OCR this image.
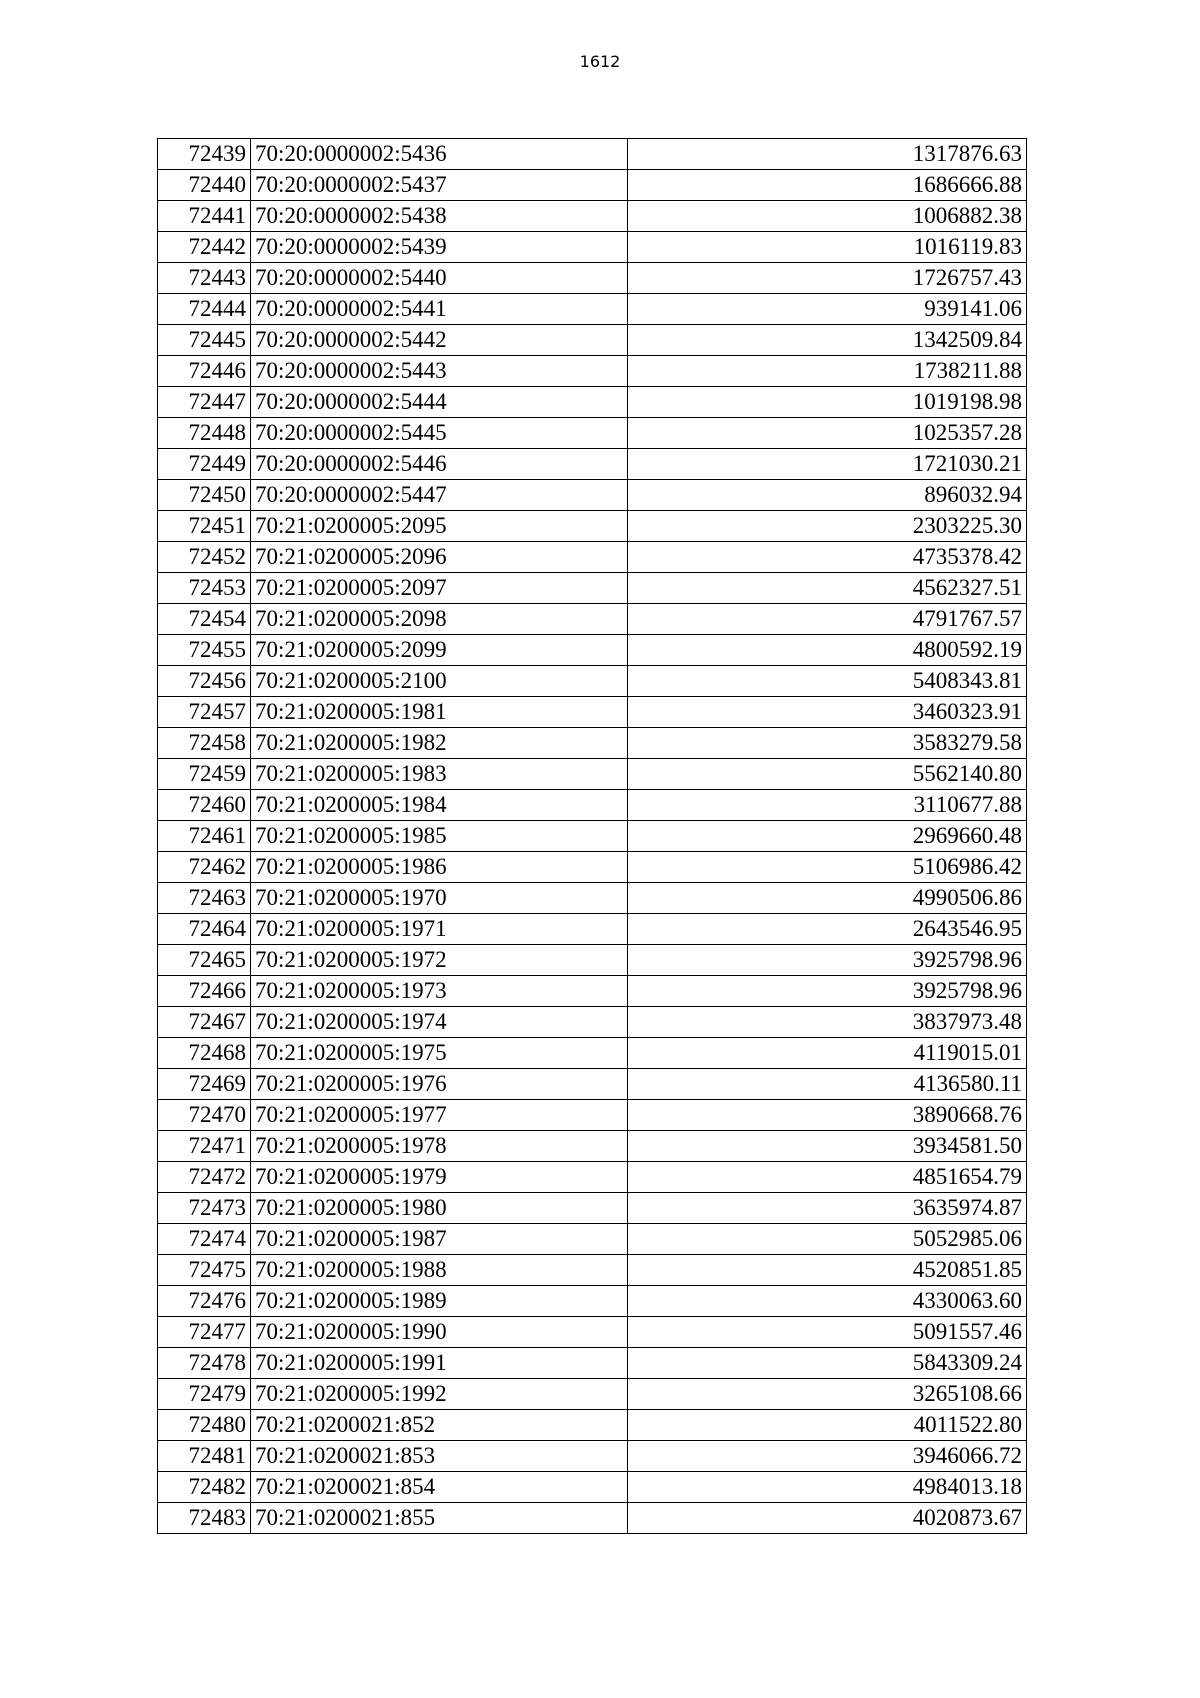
1612
72439	70:20:0000002:5436	1317876.63
72440	70:20:0000002:5437	1686666.88
72441	70:20:0000002:5438	1006882.38
72442	70:20:0000002:5439	1016119.83
72443	70:20:0000002:5440	1726757.43
72444	70:20:0000002:5441	939141.06
72445	70:20:0000002:5442	1342509.84
72446	70:20:0000002:5443	1738211.88
72447	70:20:0000002:5444	1019198.98
72448	70:20:0000002:5445	1025357.28
72449	70:20:0000002:5446	1721030.21
72450	70:20:0000002:5447	896032.94
72451	70:21:0200005:2095	2303225.30
72452	70:21:0200005:2096	4735378.42
72453	70:21:0200005:2097	4562327.51
72454	70:21:0200005:2098	4791767.57
72455	70:21:0200005:2099	4800592.19
72456	70:21:0200005:2100	5408343.81
72457	70:21:0200005:1981	3460323.91
72458	70:21:0200005:1982	3583279.58
72459	70:21:0200005:1983	5562140.80
72460	70:21:0200005:1984	3110677.88
72461	70:21:0200005:1985	2969660.48
72462	70:21:0200005:1986	5106986.42
72463	70:21:0200005:1970	4990506.86
72464	70:21:0200005:1971	2643546.95
72465	70:21:0200005:1972	3925798.96
72466	70:21:0200005:1973	3925798.96
72467	70:21:0200005:1974	3837973.48
72468	70:21:0200005:1975	4119015.01
72469	70:21:0200005:1976	4136580.11
72470	70:21:0200005:1977	3890668.76
72471	70:21:0200005:1978	3934581.50
72472	70:21:0200005:1979	4851654.79
72473	70:21:0200005:1980	3635974.87
72474	70:21:0200005:1987	5052985.06
72475	70:21:0200005:1988	4520851.85
72476	70:21:0200005:1989	4330063.60
72477	70:21:0200005:1990	5091557.46
72478	70:21:0200005:1991	5843309.24
72479	70:21:0200005:1992	3265108.66
72480	70:21:0200021:852	4011522.80
72481	70:21:0200021:853	3946066.72
72482	70:21:0200021:854	4984013.18
72483	70:21:0200021:855	4020873.67
